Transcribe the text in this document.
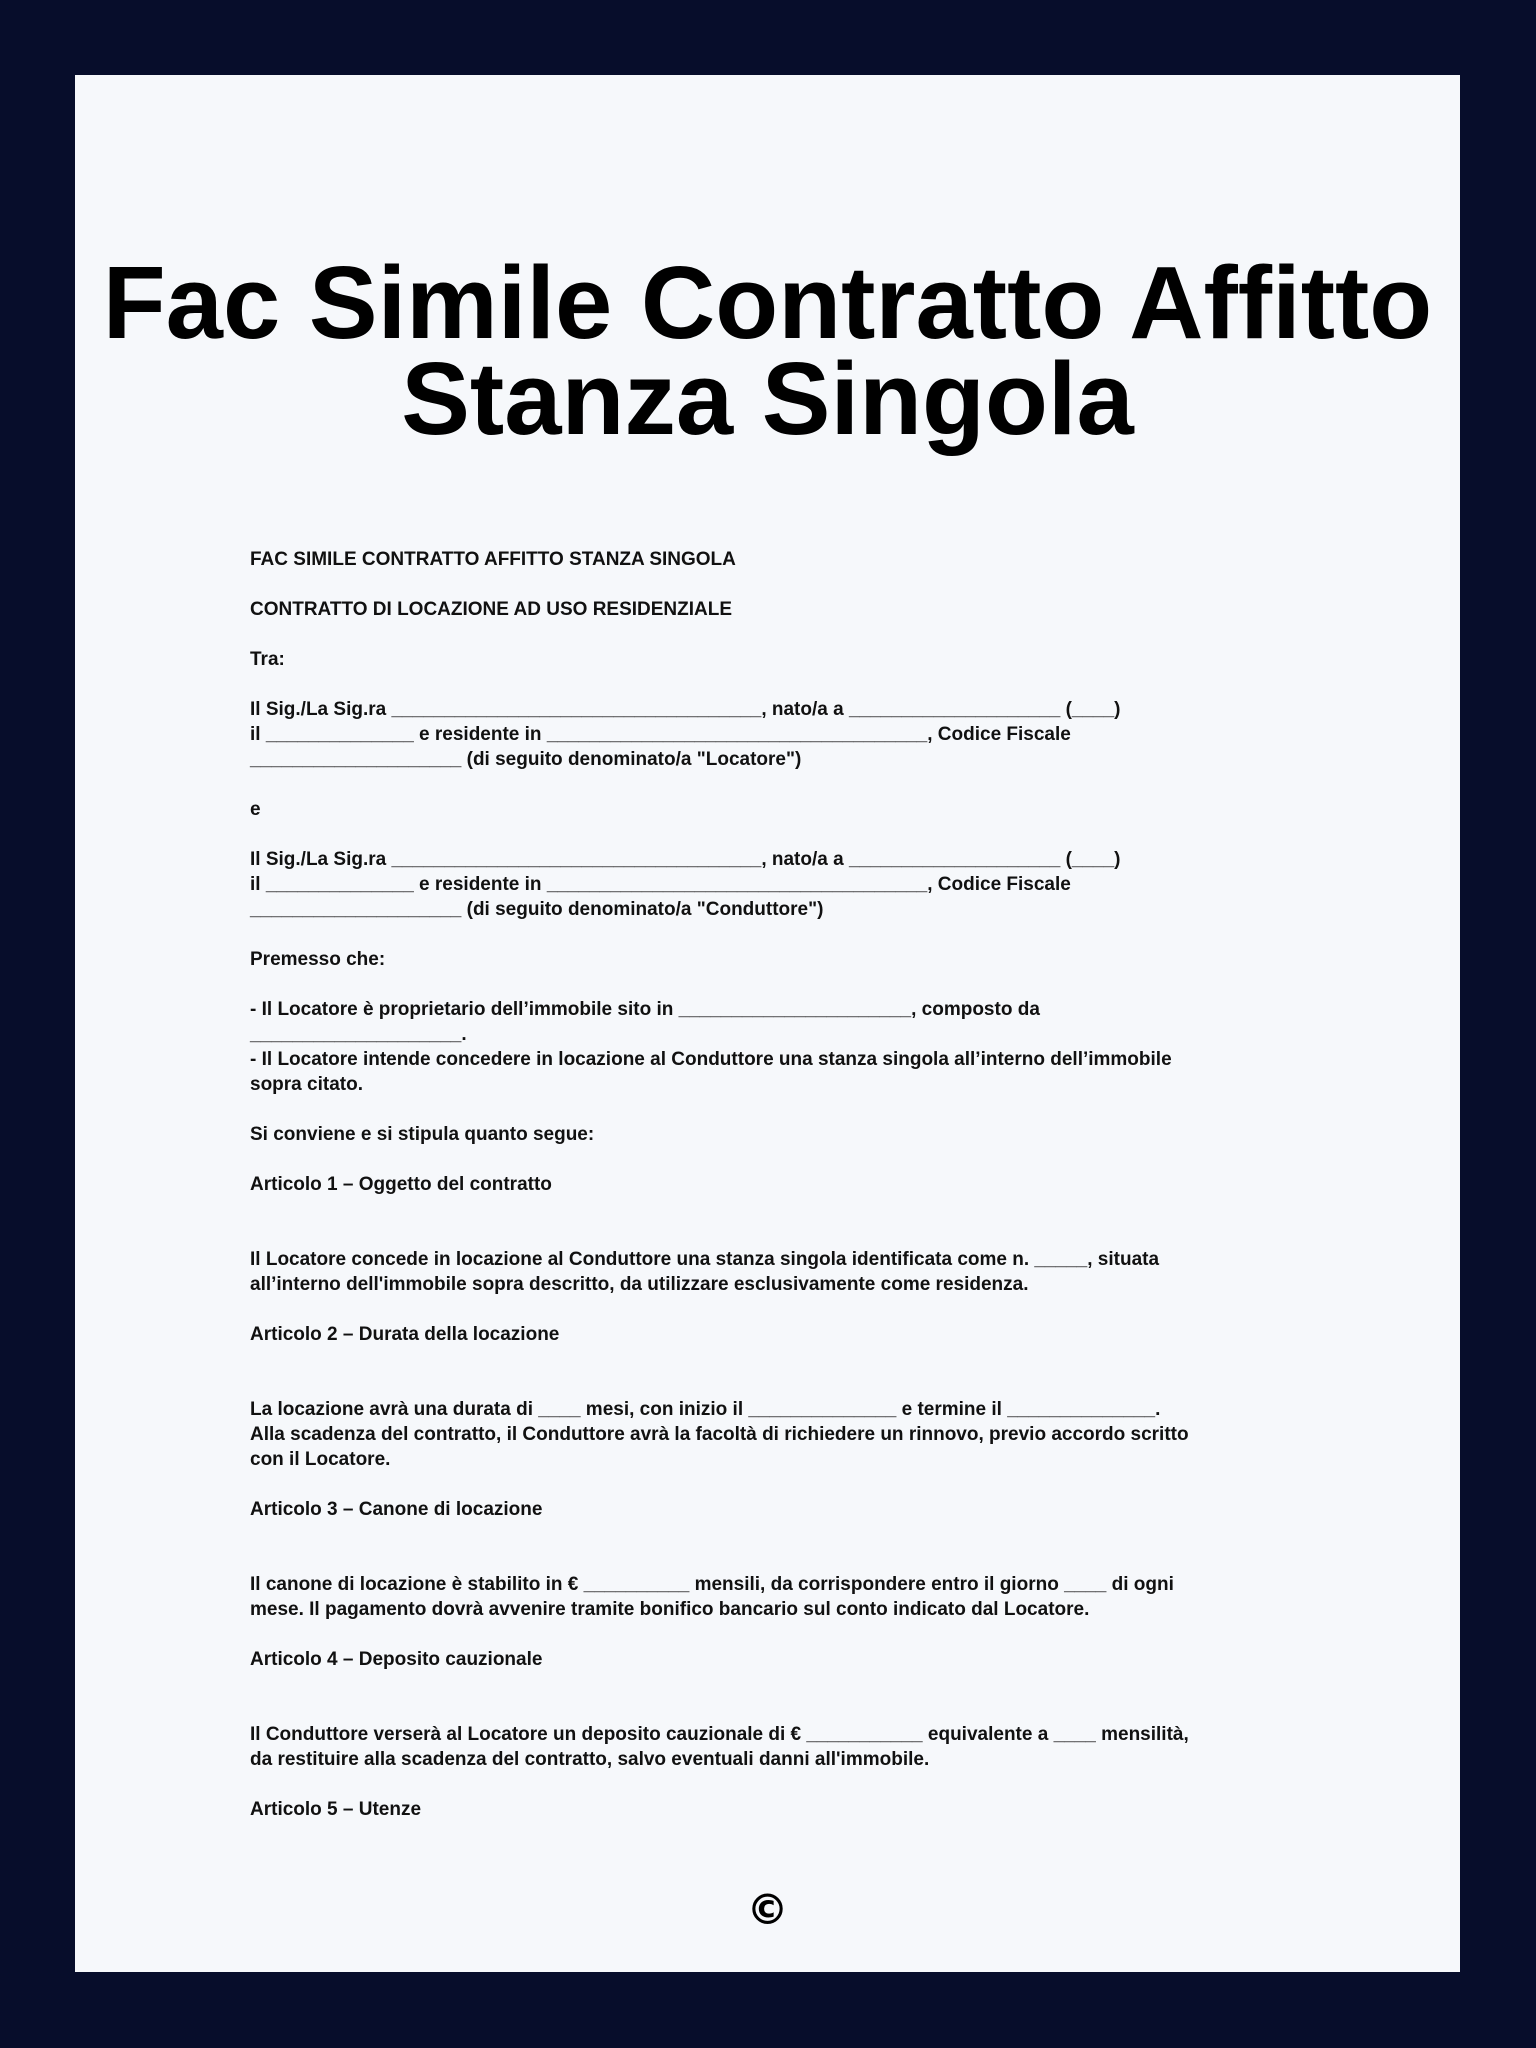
Fac Simile Contratto Affitto
Stanza Singola

FAC SIMILE CONTRATTO AFFITTO STANZA SINGOLA

CONTRATTO DI LOCAZIONE AD USO RESIDENZIALE

Tra:

Il Sig./La Sig.ra ___________________________________, nato/a a ____________________ (____)
il ______________ e residente in ____________________________________, Codice Fiscale
____________________ (di seguito denominato/a "Locatore")

e

Il Sig./La Sig.ra ___________________________________, nato/a a ____________________ (____)
il ______________ e residente in ____________________________________, Codice Fiscale
____________________ (di seguito denominato/a "Conduttore")

Premesso che:

- Il Locatore è proprietario dell’immobile sito in ______________________, composto da
____________________.
- Il Locatore intende concedere in locazione al Conduttore una stanza singola all’interno dell’immobile
sopra citato.

Si conviene e si stipula quanto segue:

Articolo 1 – Oggetto del contratto

Il Locatore concede in locazione al Conduttore una stanza singola identificata come n. _____, situata
all’interno dell'immobile sopra descritto, da utilizzare esclusivamente come residenza.

Articolo 2 – Durata della locazione

La locazione avrà una durata di ____ mesi, con inizio il ______________ e termine il ______________.
Alla scadenza del contratto, il Conduttore avrà la facoltà di richiedere un rinnovo, previo accordo scritto
con il Locatore.

Articolo 3 – Canone di locazione

Il canone di locazione è stabilito in € __________ mensili, da corrispondere entro il giorno ____ di ogni
mese. Il pagamento dovrà avvenire tramite bonifico bancario sul conto indicato dal Locatore.

Articolo 4 – Deposito cauzionale

Il Conduttore verserà al Locatore un deposito cauzionale di € ___________ equivalente a ____ mensilità,
da restituire alla scadenza del contratto, salvo eventuali danni all'immobile.

Articolo 5 – Utenze

©
